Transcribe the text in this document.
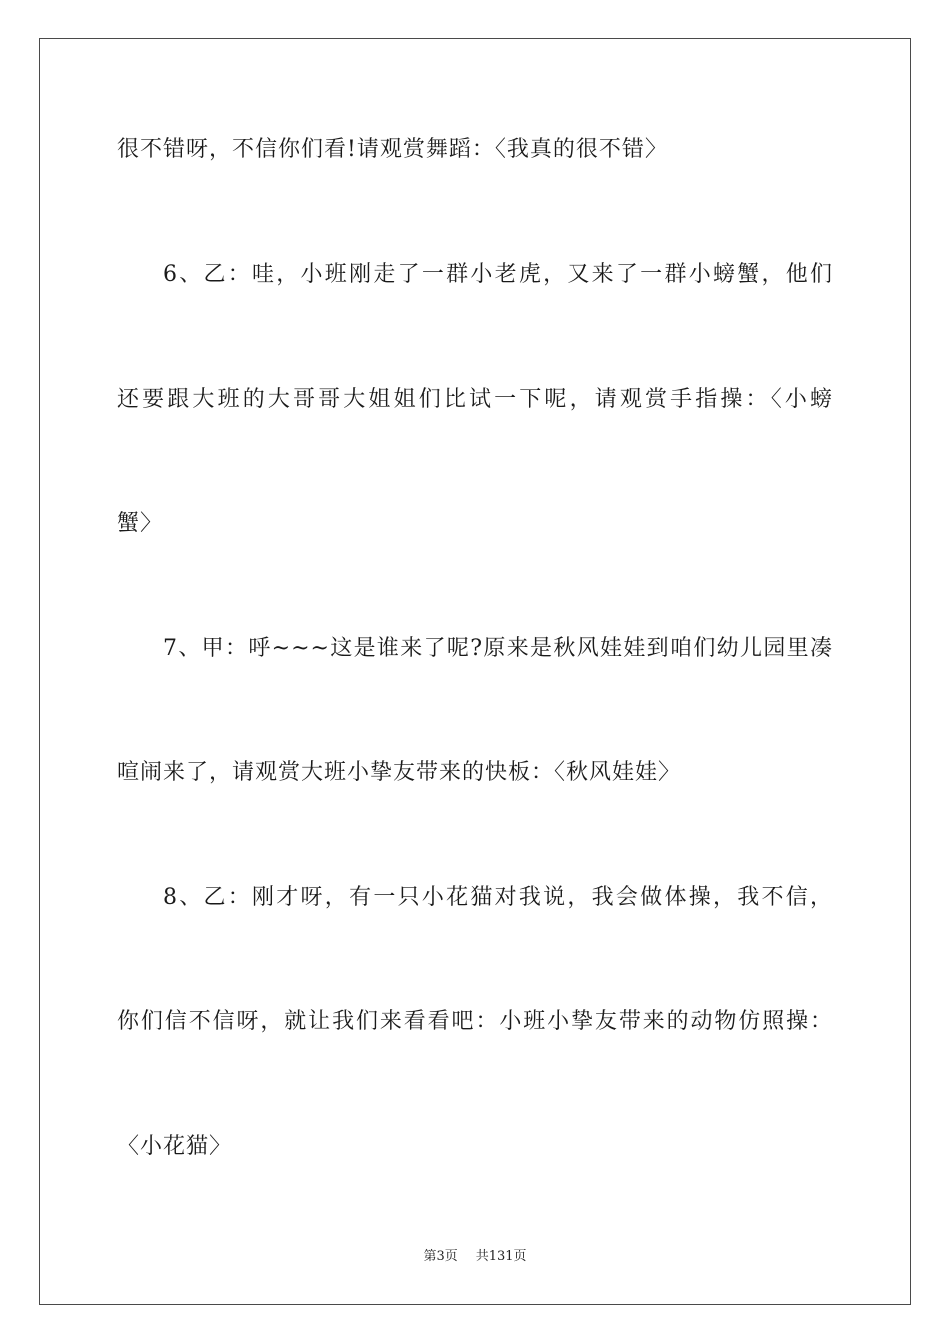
很不错呀，不信你们看!请观赏舞蹈：〈我真的很不错〉
6、乙：哇，小班刚走了一群小老虎，又来了一群小螃蟹，他们
还要跟大班的大哥哥大姐姐们比试一下呢，请观赏手指操：〈小螃
蟹〉
7、甲：呼~~~这是谁来了呢?原来是秋风娃娃到咱们幼儿园里凑
喧闹来了，请观赏大班小挚友带来的快板：〈秋风娃娃〉
8、乙：刚才呀，有一只小花猫对我说，我会做体操，我不信，
你们信不信呀，就让我们来看看吧：小班小挚友带来的动物仿照操：
〈小花猫〉
第3页 共131页
